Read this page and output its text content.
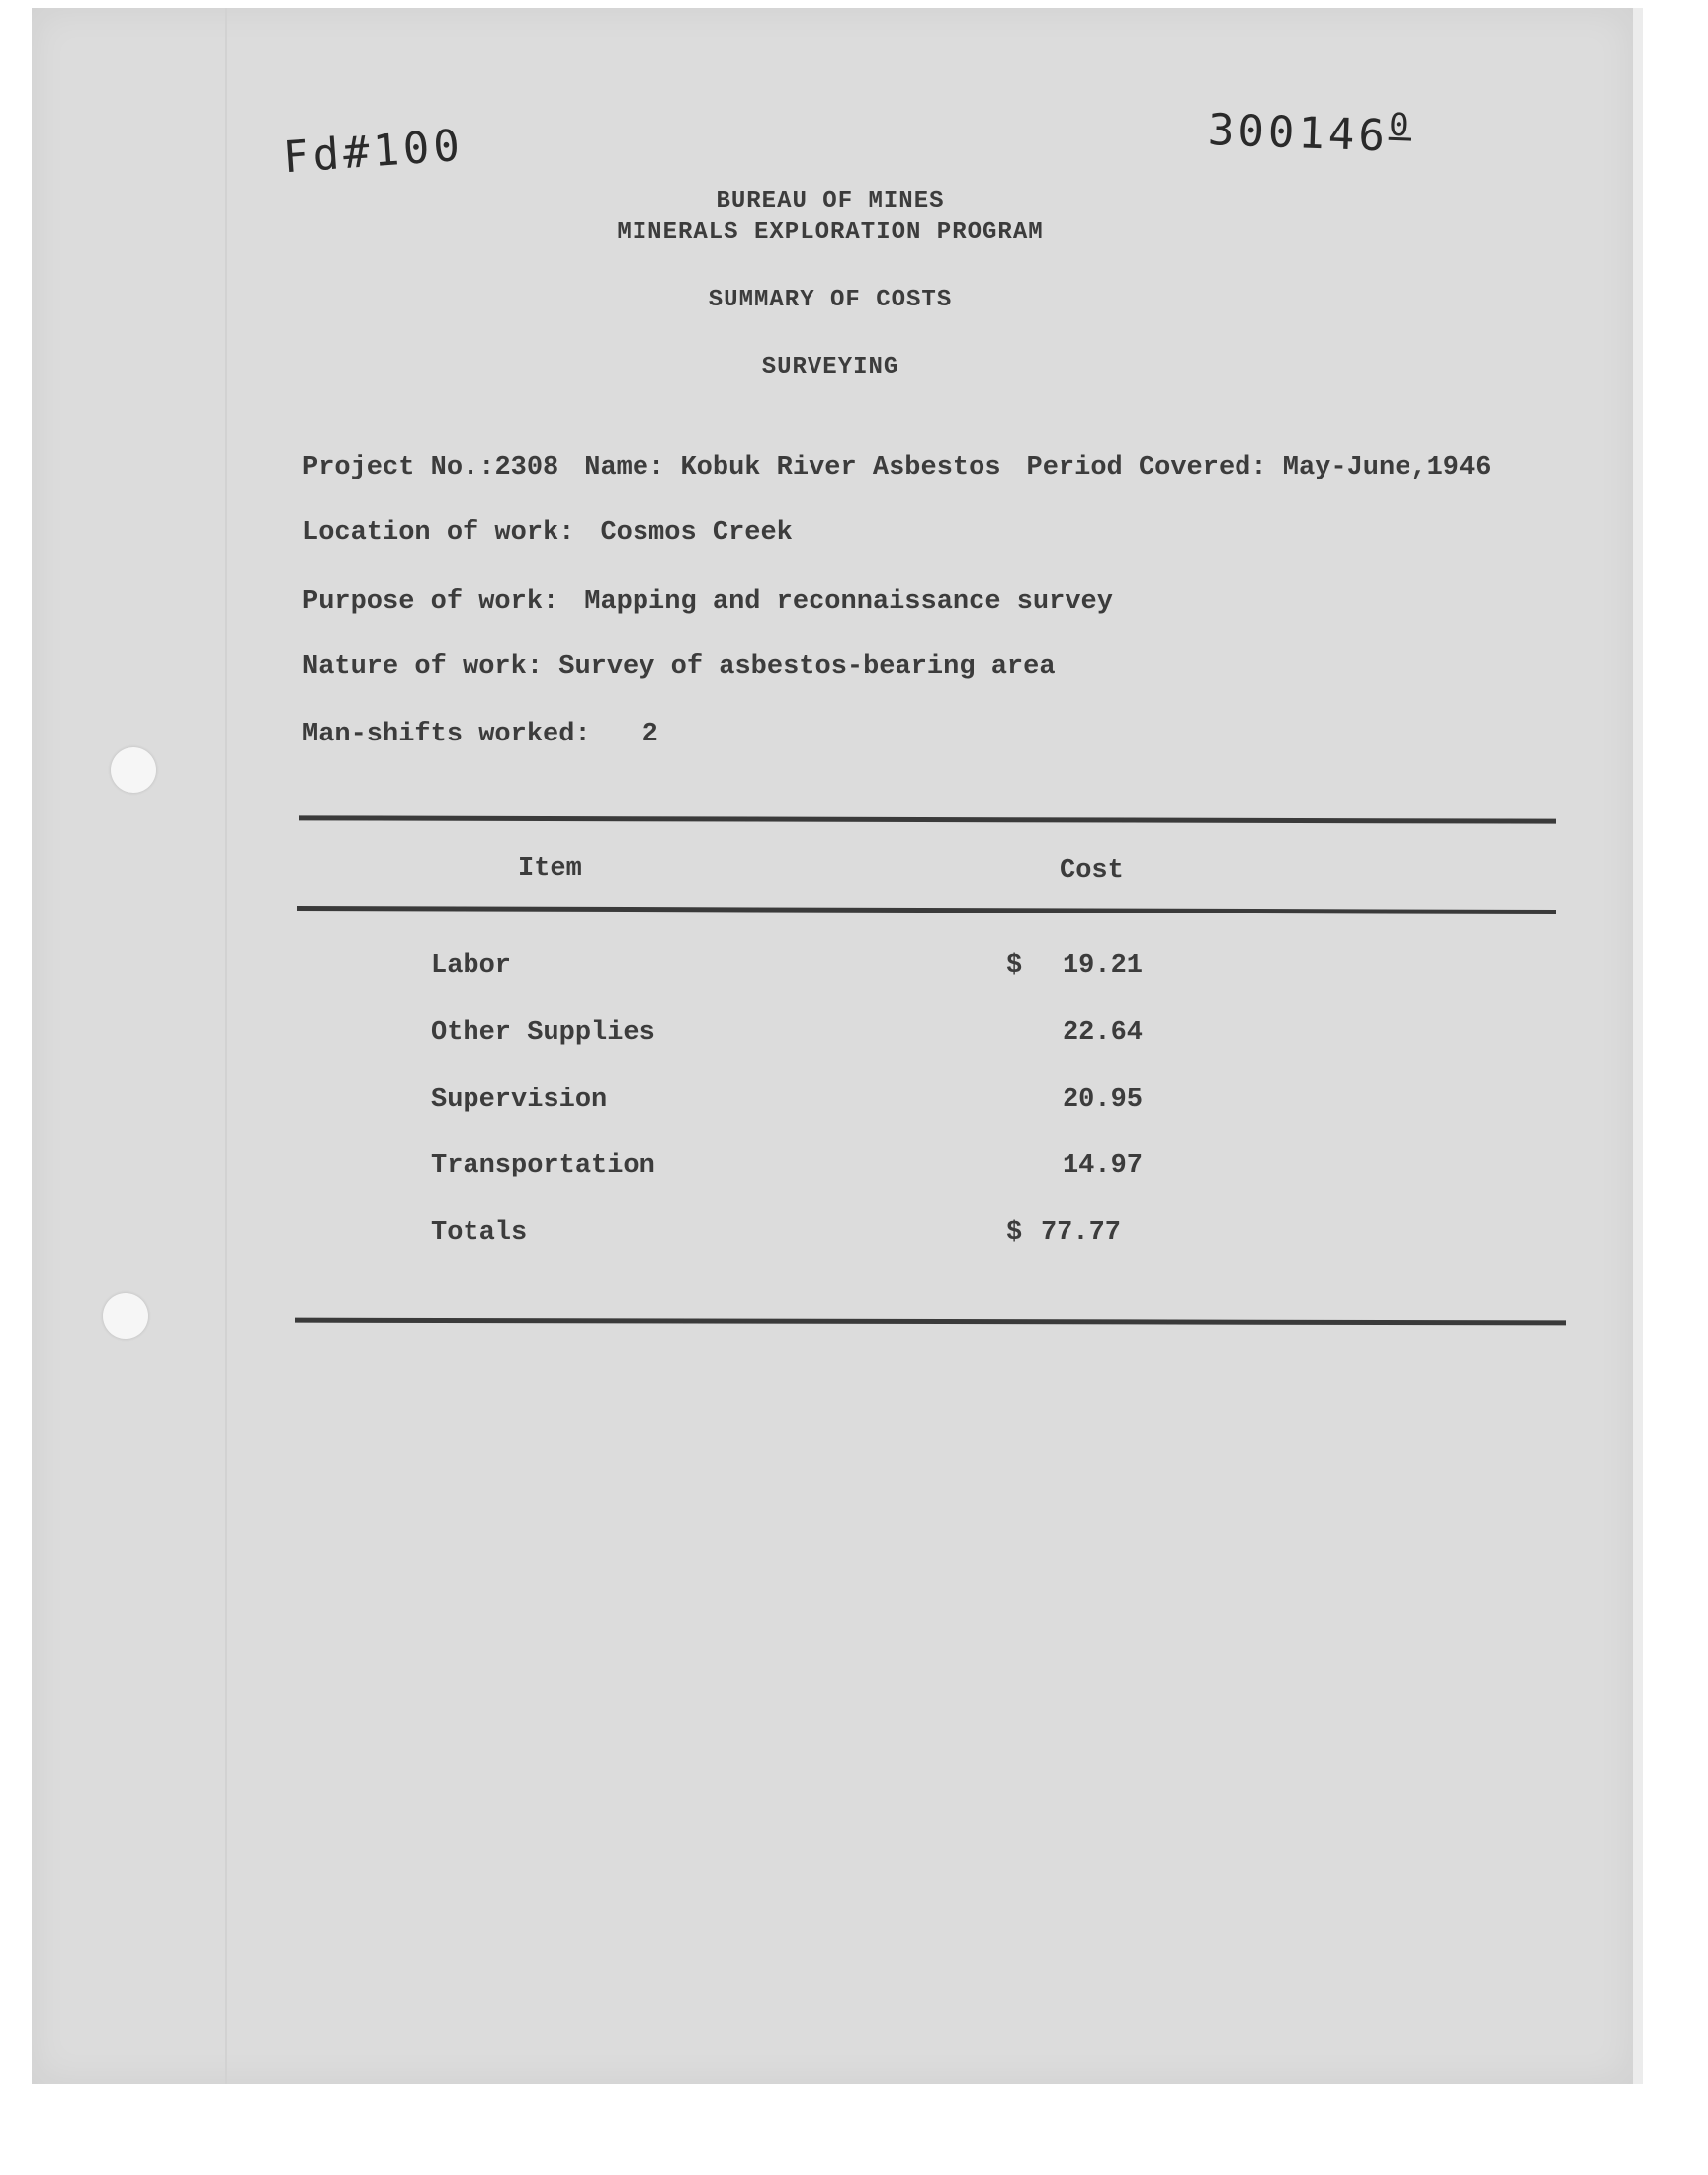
Fd#100	300146$^0$
BUREAU OF MINES
MINERALS EXPLORATION PROGRAM
SUMMARY OF COSTS
SURVEYING
Project No.:2308 Name: Kobuk River Asbestos Period Covered: May-June,1946
Location of work: Cosmos Creek
Purpose of work: Mapping and reconnaissance survey
Nature of work: Survey of asbestos-bearing area
Man-shifts worked: 2
Item	Cost
Labor	$ 19.21
Other Supplies	22.64
Supervision	20.95
Transportation	14.97
Totals	$ 77.77
